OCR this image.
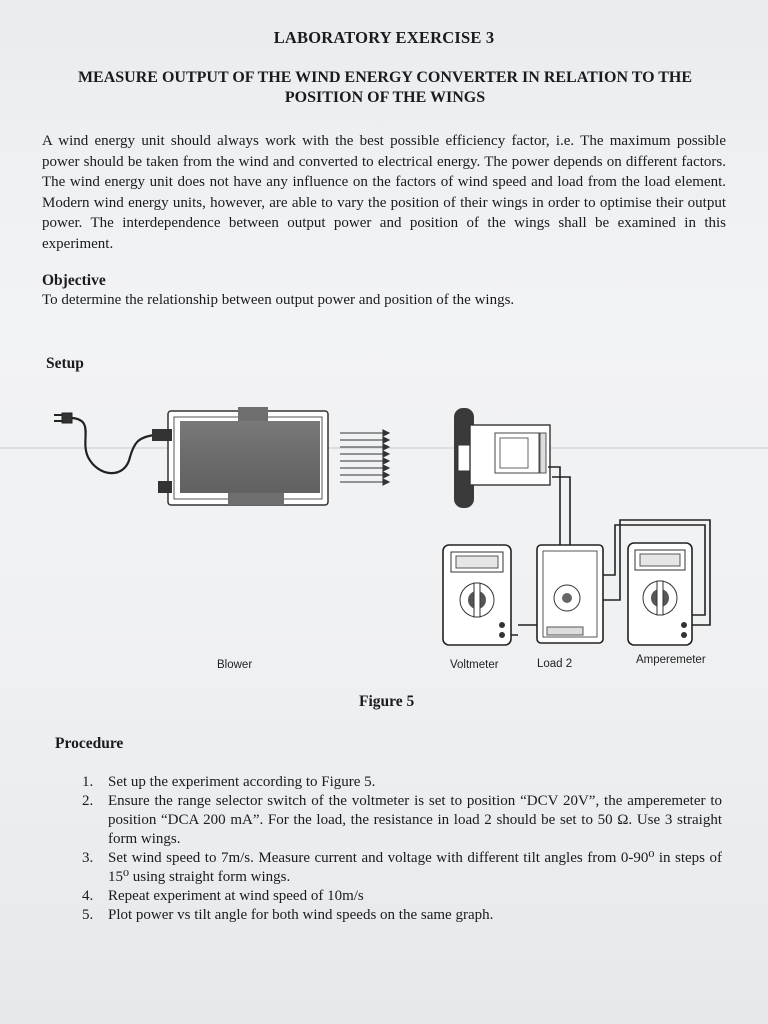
LABORATORY EXERCISE 3
MEASURE OUTPUT OF THE WIND ENERGY CONVERTER IN RELATION TO THE
POSITION OF THE WINGS
A wind energy unit should always work with the best possible efficiency factor, i.e. The maximum possible power should be taken from the wind and converted to electrical energy. The power depends on different factors. The wind energy unit does not have any influence on the factors of wind speed and load from the load element. Modern wind energy units, however, are able to vary the position of their wings in order to optimise their output power. The interdependence between output power and position of the wings shall be examined in this experiment.
Objective
To determine the relationship between output power and position of the wings.
Setup
Blower	Voltmeter	Load 2	Amperemeter
Figure 5
Procedure
1. Set up the experiment according to Figure 5.
2. Ensure the range selector switch of the voltmeter is set to position “DCV 20V”, the amperemeter to position “DCA 200 mA”. For the load, the resistance in load 2 should be set to 50 Ω. Use 3 straight form wings.
3. Set wind speed to 7m/s. Measure current and voltage with different tilt angles from 0-90⁰ in steps of 15⁰ using straight form wings.
4. Repeat experiment at wind speed of 10m/s
5. Plot power vs tilt angle for both wind speeds on the same graph.
